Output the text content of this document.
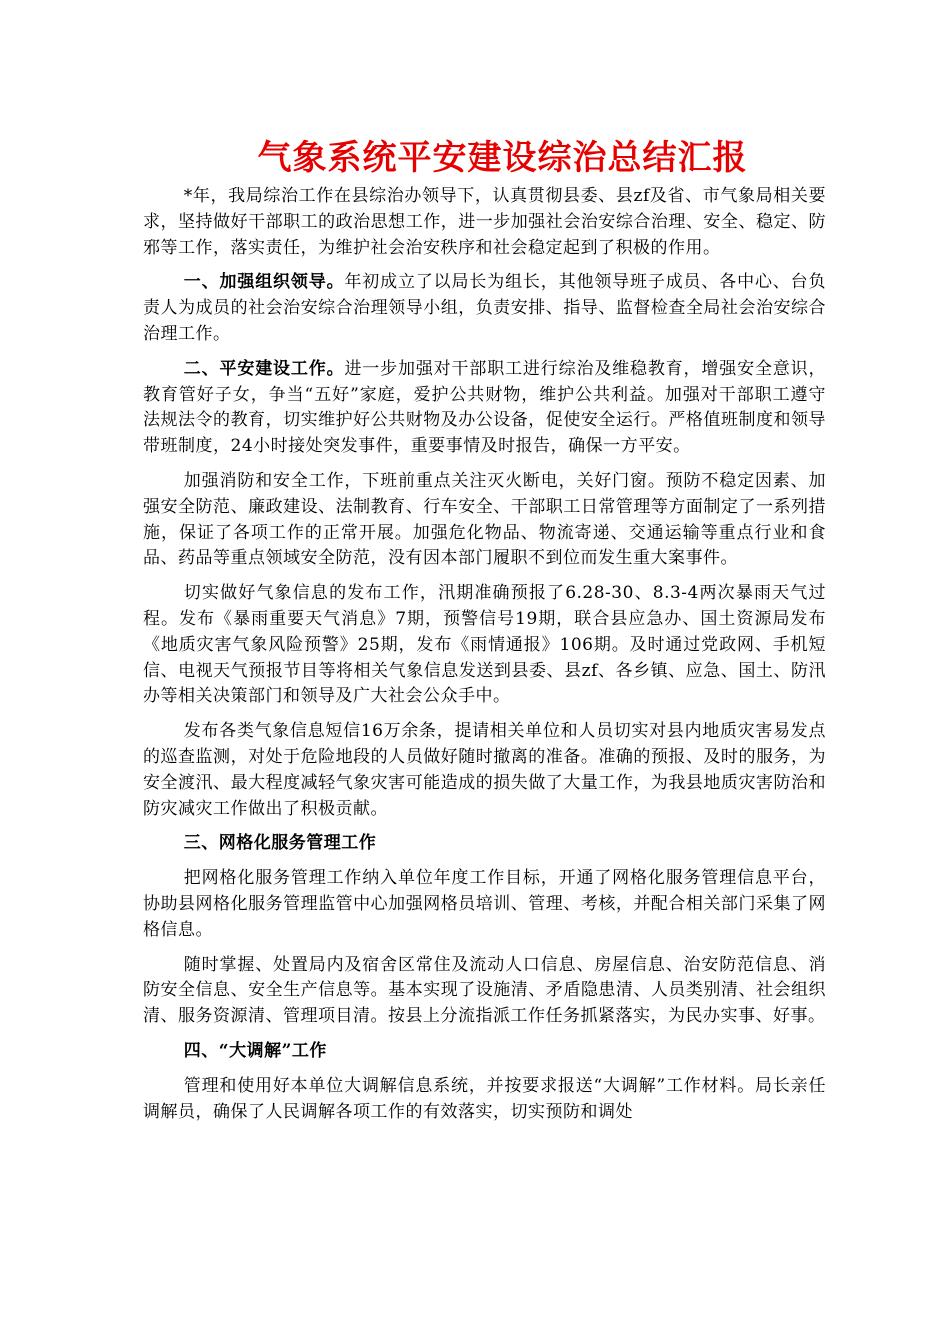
气象系统平安建设综治总结汇报

*年，我局综治工作在县综治办领导下，认真贯彻县委、县zf及省、市气象局相关要求，坚持做好干部职工的政治思想工作，进一步加强社会治安综合治理、安全、稳定、防邪等工作，落实责任，为维护社会治安秩序和社会稳定起到了积极的作用。

一、加强组织领导。年初成立了以局长为组长，其他领导班子成员、各中心、台负责人为成员的社会治安综合治理领导小组，负责安排、指导、监督检查全局社会治安综合治理工作。

二、平安建设工作。进一步加强对干部职工进行综治及维稳教育，增强安全意识，教育管好子女，争当“五好”家庭，爱护公共财物，维护公共利益。加强对干部职工遵守法规法令的教育，切实维护好公共财物及办公设备，促使安全运行。严格值班制度和领导带班制度，24小时接处突发事件，重要事情及时报告，确保一方平安。

加强消防和安全工作，下班前重点关注灭火断电，关好门窗。预防不稳定因素、加强安全防范、廉政建设、法制教育、行车安全、干部职工日常管理等方面制定了一系列措施，保证了各项工作的正常开展。加强危化物品、物流寄递、交通运输等重点行业和食品、药品等重点领域安全防范，没有因本部门履职不到位而发生重大案事件。

切实做好气象信息的发布工作，汛期准确预报了6.28-30、8.3-4两次暴雨天气过程。发布《暴雨重要天气消息》7期，预警信号19期，联合县应急办、国土资源局发布《地质灾害气象风险预警》25期，发布《雨情通报》106期。及时通过党政网、手机短信、电视天气预报节目等将相关气象信息发送到县委、县zf、各乡镇、应急、国土、防汛办等相关决策部门和领导及广大社会公众手中。

发布各类气象信息短信16万余条，提请相关单位和人员切实对县内地质灾害易发点的巡查监测，对处于危险地段的人员做好随时撤离的准备。准确的预报、及时的服务，为安全渡汛、最大程度减轻气象灾害可能造成的损失做了大量工作，为我县地质灾害防治和防灾减灾工作做出了积极贡献。

三、网格化服务管理工作

把网格化服务管理工作纳入单位年度工作目标，开通了网格化服务管理信息平台，协助县网格化服务管理监管中心加强网格员培训、管理、考核，并配合相关部门采集了网格信息。

随时掌握、处置局内及宿舍区常住及流动人口信息、房屋信息、治安防范信息、消防安全信息、安全生产信息等。基本实现了设施清、矛盾隐患清、人员类别清、社会组织清、服务资源清、管理项目清。按县上分流指派工作任务抓紧落实，为民办实事、好事。

四、“大调解”工作

管理和使用好本单位大调解信息系统，并按要求报送“大调解”工作材料。局长亲任调解员，确保了人民调解各项工作的有效落实，切实预防和调处
